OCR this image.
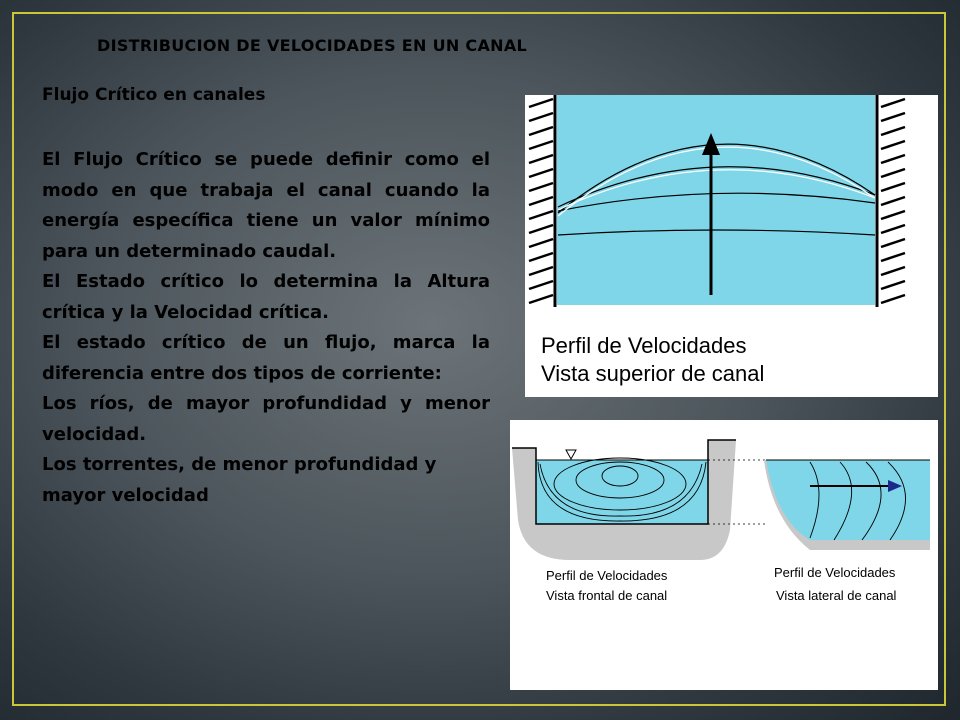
DISTRIBUCION DE VELOCIDADES EN UN CANAL
Flujo Crítico en canales

El Flujo Crítico se puede definir como el modo en que trabaja el canal cuando la energía específica tiene un valor mínimo para un determinado caudal.

El Estado crítico lo determina la Altura crítica y la Velocidad crítica.

El estado crítico de un flujo, marca la diferencia entre dos tipos de corriente:

Los ríos, de mayor profundidad y menor velocidad.

Los torrentes, de menor profundidad y mayor velocidad

Perfil de Velocidades
Vista superior de canal
Perfil de Velocidades
Vista frontal de canal
Perfil de Velocidades
Vista lateral de canal
